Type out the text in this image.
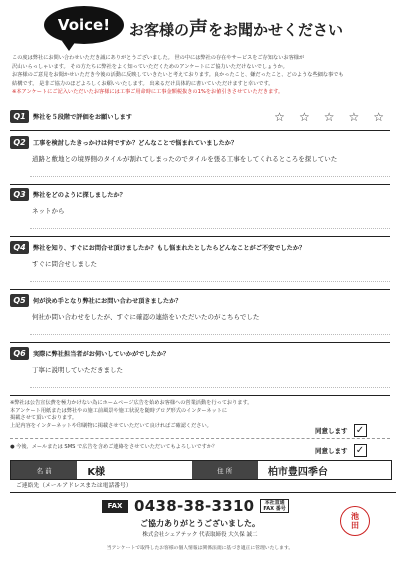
Voice!	お客様の声をお聞かせください
この度は弊社にお問い合わせいただき誠にありがとうございました。 世の中には弊社の存在やサービスをご存知ないお客様が
沢山いらっしゃいます。 その方たちに弊社をよく知っていただくためのアンケートにご協力いただけないでしょうか。
お客様のご意見をお聞かせいただき今後の活動に反映していきたいと考えております。良かったこと、嫌だったこと、どのような些細な事でも
結構です。 是非ご協力のほどよろしくお願いいたします。 出来るだけ具体的に書いていただけますと幸いです。
※本アンケートにご記入いただいたお客様には工事ご用命時に工事金額税抜きの1%をお値引きさせていただきます。
Q1	弊社を５段階で評価をお願いします	☆ ☆ ☆ ☆ ☆
Q2	工事を検討したきっかけは何ですか？どんなことで悩まれていましたか？
道路と敷地との境界側のタイルが割れてしまったのでタイルを張る工事をしてくれるところを探していた
Q3	弊社をどのように探しましたか？
ネットから
Q4	弊社を知り、すぐにお問合せ頂けましたか？もし悩まれたとしたらどんなことがご不安でしたか？
すぐに問合せしました
Q5	何が決め手となり弊社にお問い合わせ頂きましたか？
何社か問い合わせをしたが、すぐに確認の連絡をいただいたのがこちらでした
Q6	実際に弊社担当者がお伺いしていかがでしたか？
丁寧に説明していただきました
※弊社は公告宣伝費を極力かけない為にホームページ広告を始めお客様への営業活動を行っております。
本アンケート用紙または弊社やの施工前風景や施工状況を随時ブログ形式のインターネットに
掲載させて頂いております。
上記内容をインターネットや印刷物に掲載させていただいて良ければご確認ください。
同意します ✓
● 今後、メールまたは SMS で広告を含めご連絡をさせていただいてもよろしいですか？	同意します ✓
名 前	K様	住 所	柏市豊四季台
ご連絡先（メールアドレスまたは電話番号）
FAX 0438-38-3310 本社直通
FAX 番号
ご協力ありがとうございました。
株式会社シェアテック 代表取締役 大久保 誠二
当アンケートで取得したお客様の個人情報は関係法規に基づき適正に管理いたします。
池
田
